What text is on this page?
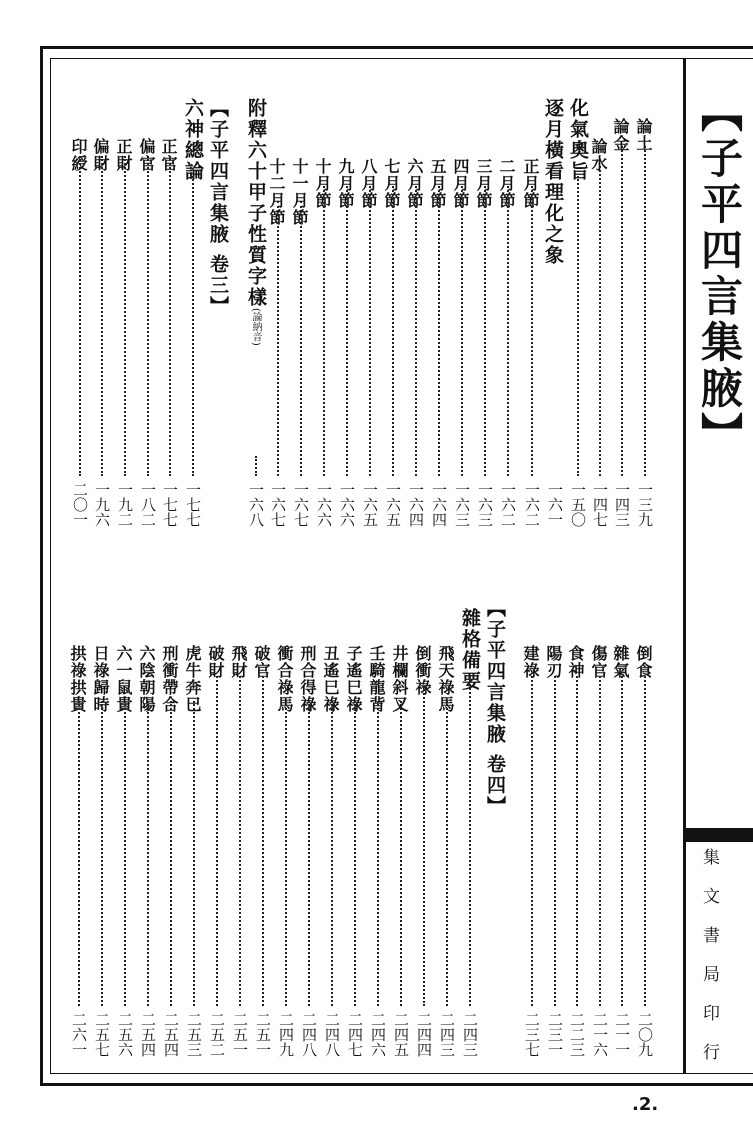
【子平四言集腋】
集文書局印行
.2.
論土
一三九
論金
一四三
論水
一四七
化氣奧旨
一五〇
一六一
逐月橫看理化之象
正月節
一六二
二月節
一六二
三月節
一六三
四月節
一六三
五月節
一六四
六月節
一六四
七月節
一六五
八月節
一六五
九月節
一六六
十月節
一六六
十一月節
一六七
十二月節
一六七
附釋六十甲子性質字樣
(論納音)
一六八
【子平四言集腋 卷三】
六神總論
一七七
正官
一七七
偏官
一八二
正財
一九二
偏財
一九六
印綬
二〇一
倒食
二〇九
雜氣
二一一
傷官
二一六
食神
二二三
陽刃
二三一
建祿
二三七
【子平四言集腋 卷四】
雜格備要
二四三
飛天祿馬
二四三
倒衝祿
二四四
井欄斜叉
二四五
壬騎龍背
二四六
子遙巳祿
二四七
丑遙巳祿
二四八
刑合得祿
二四八
衝合祿馬
二四九
破官
二五一
飛財
二五一
破財
二五二
虎牛奔巳
二五三
刑衝帶合
二五四
六陰朝陽
二五四
六一鼠貴
二五六
日祿歸時
二五七
拱祿拱貴
二六一
